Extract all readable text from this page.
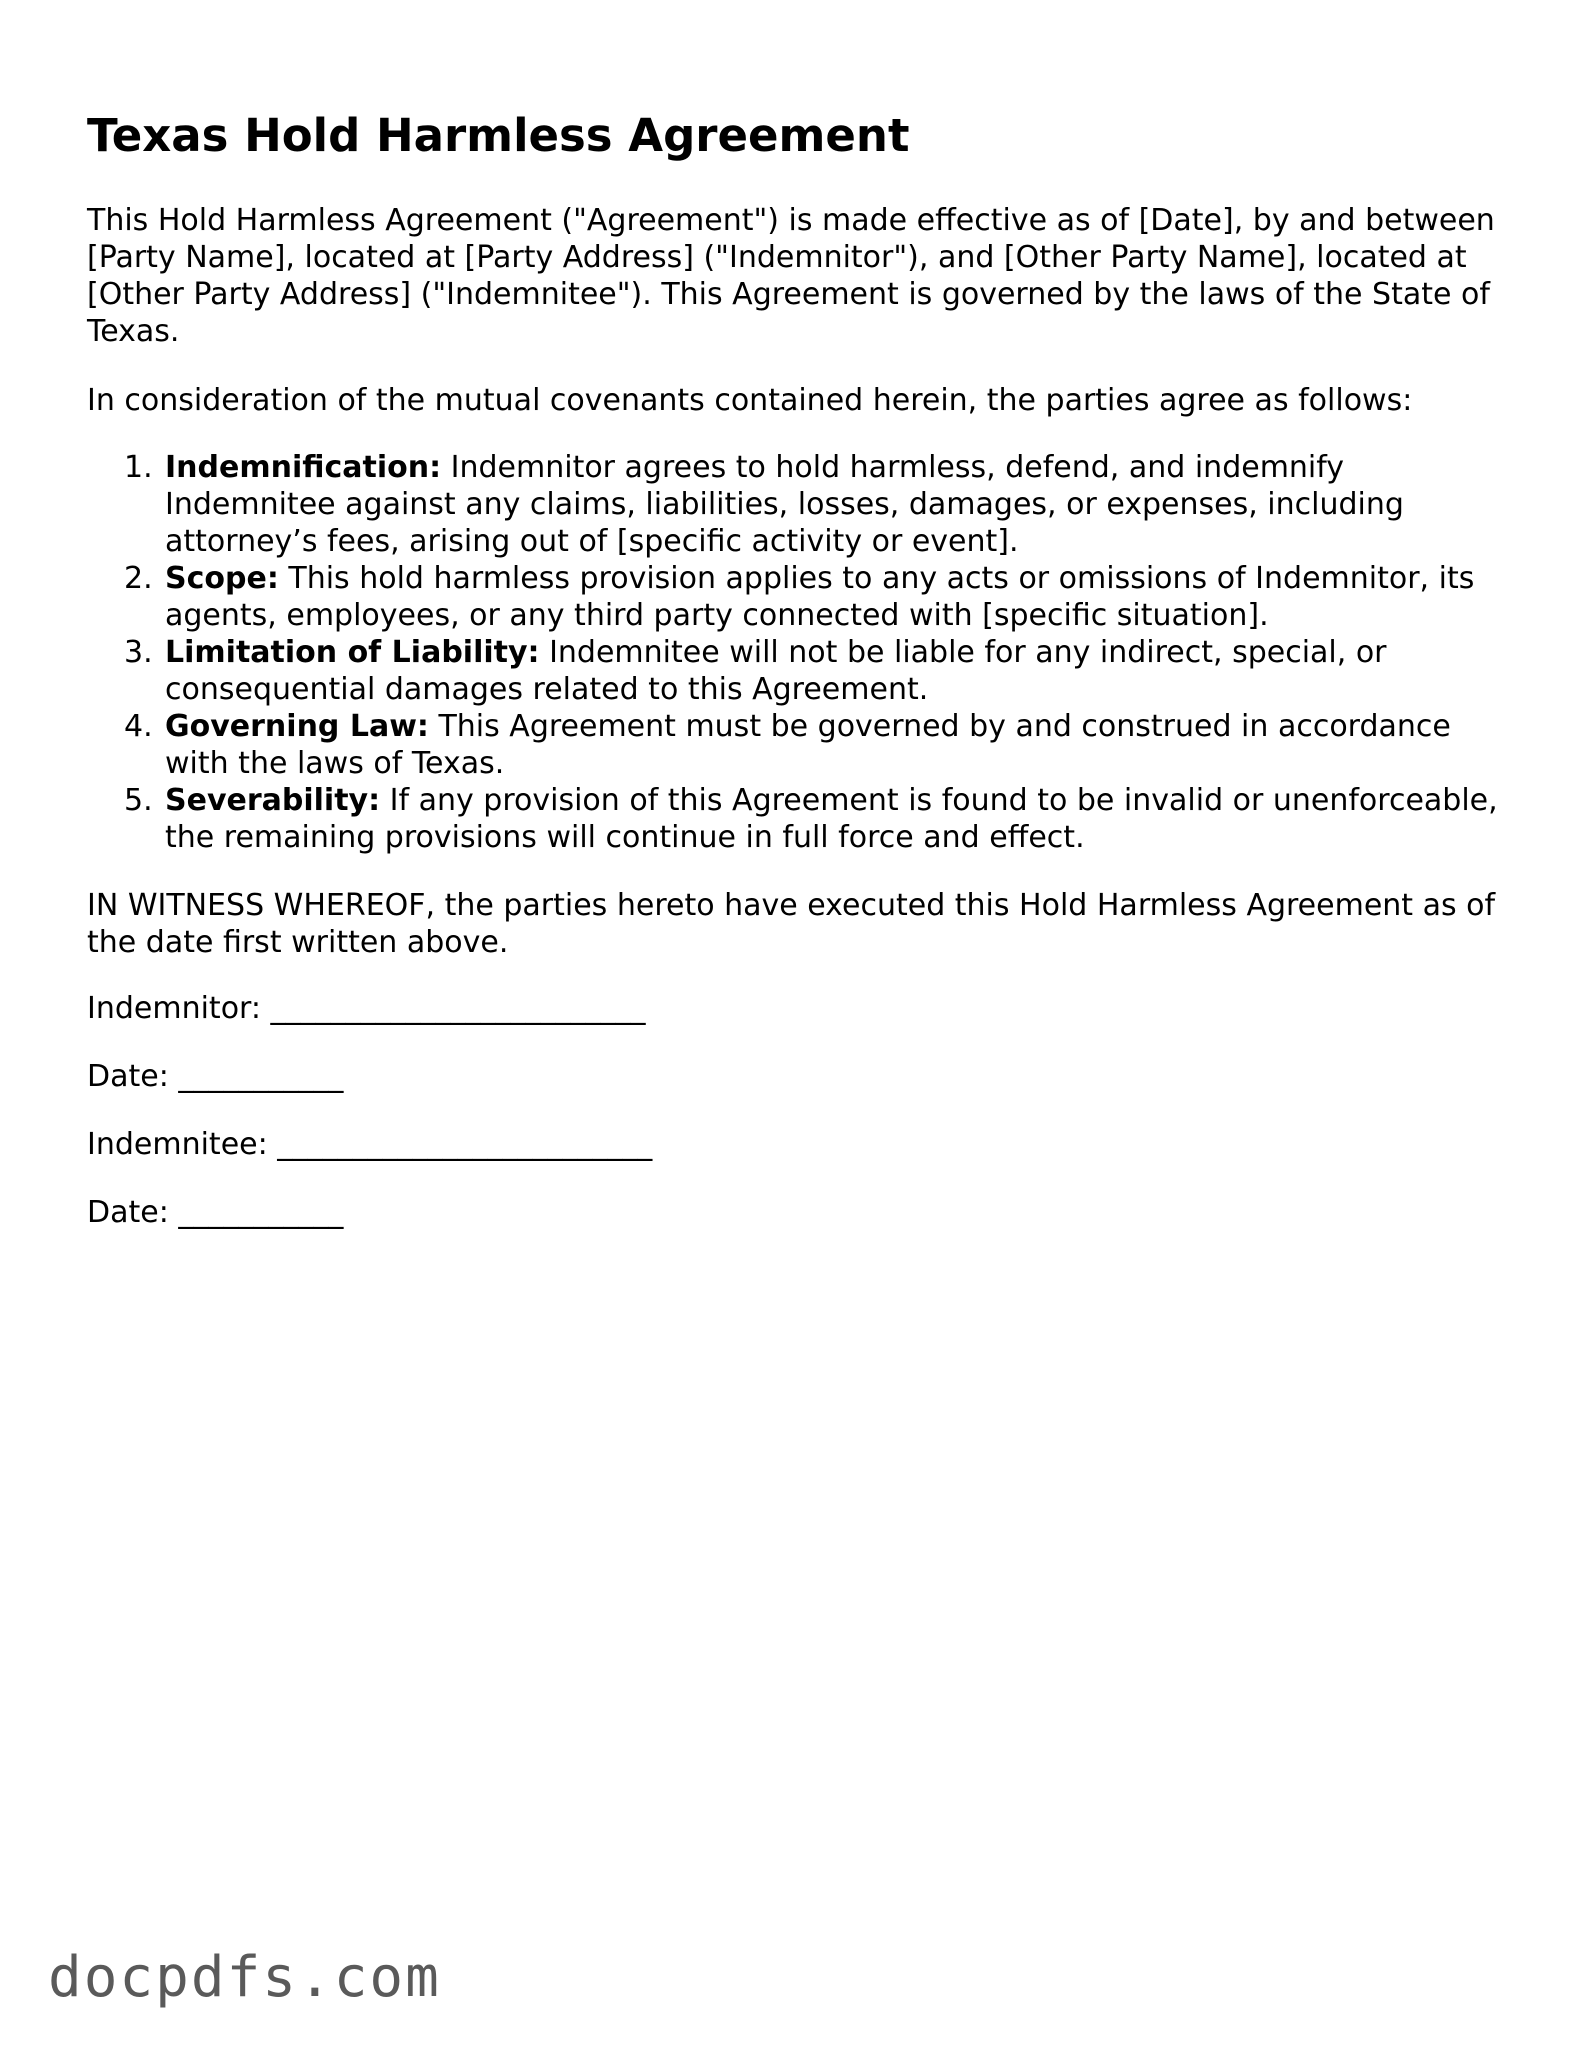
Texas Hold Harmless Agreement

This Hold Harmless Agreement ("Agreement") is made effective as of [Date], by and between [Party Name], located at [Party Address] ("Indemnitor"), and [Other Party Name], located at [Other Party Address] ("Indemnitee"). This Agreement is governed by the laws of the State of Texas.

In consideration of the mutual covenants contained herein, the parties agree as follows:

1. Indemnification: Indemnitor agrees to hold harmless, defend, and indemnify Indemnitee against any claims, liabilities, losses, damages, or expenses, including attorney’s fees, arising out of [specific activity or event].
2. Scope: This hold harmless provision applies to any acts or omissions of Indemnitor, its agents, employees, or any third party connected with [specific situation].
3. Limitation of Liability: Indemnitee will not be liable for any indirect, special, or consequential damages related to this Agreement.
4. Governing Law: This Agreement must be governed by and construed in accordance with the laws of Texas.
5. Severability: If any provision of this Agreement is found to be invalid or unenforceable, the remaining provisions will continue in full force and effect.

IN WITNESS WHEREOF, the parties hereto have executed this Hold Harmless Agreement as of the date first written above.

Indemnitor: _________________________

Date: ___________

Indemnitee: _________________________

Date: ___________

docpdfs.com
